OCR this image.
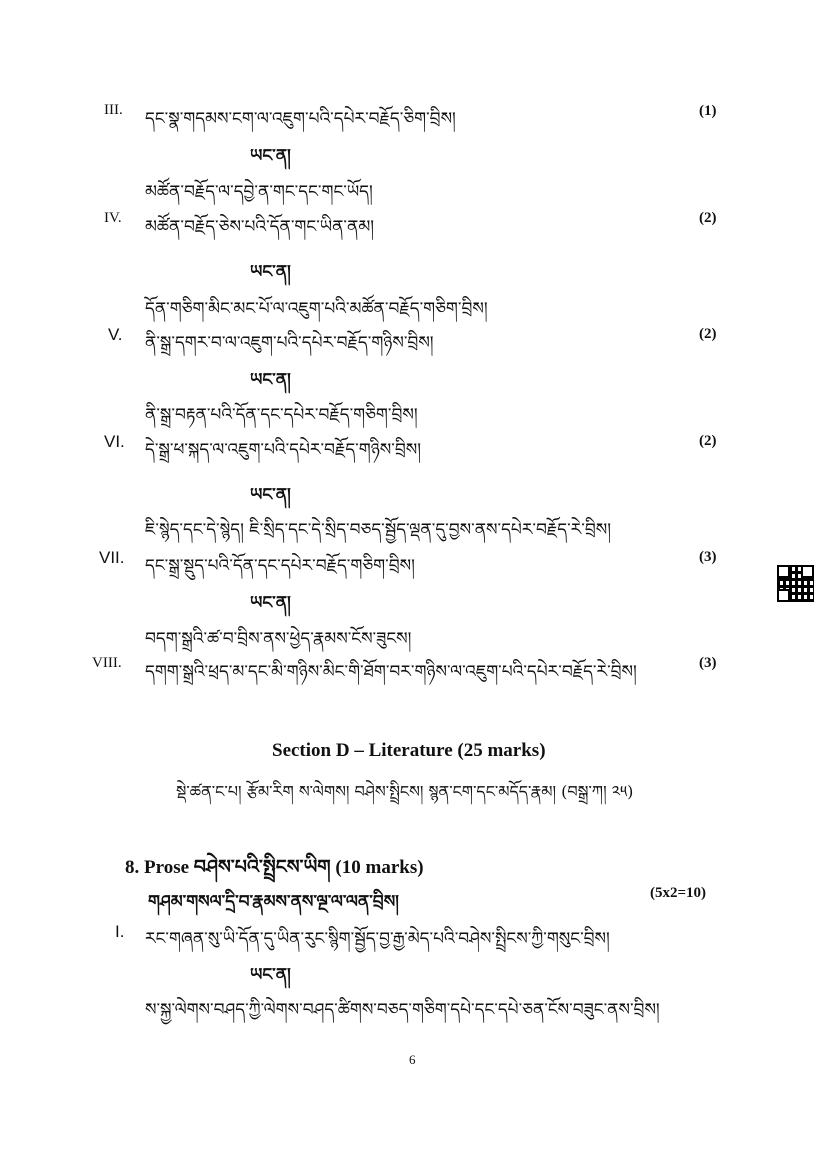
III. དང་སྣ་གདམས་ངག་ལ་འཇུག་པའི་དཔེར་བརྗོད་ཅིག་བྲིས།	(1)
ཡང་ན།
མཚོན་བརྗོད་ལ་དབྱེ་ན་གང་དང་གང་ཡོད།
IV. མཚོན་བརྗོད་ཅེས་པའི་དོན་གང་ཡིན་ནམ།	(2)
ཡང་ན།
དོན་གཅིག་མིང་མང་པོ་ལ་འཇུག་པའི་མཚོན་བརྗོད་གཅིག་བྲིས།
V. ནི་སྒྲ་དགར་བ་ལ་འཇུག་པའི་དཔེར་བརྗོད་གཉིས་བྲིས།	(2)
ཡང་ན།
ནི་སྒྲ་བརྟན་པའི་དོན་དང་དཔེར་བརྗོད་གཅིག་བྲིས།
VI. དེ་སྒྲ་ཕ་སྐད་ལ་འཇུག་པའི་དཔེར་བརྗོད་གཉིས་བྲིས།	(2)
ཡང་ན།
ཇི་སྙེད་དང་དེ་སྙེད། ཇི་སྲིད་དང་དེ་སྲིད་བཅད་སྦྱོད་ལྡན་དུ་བྱས་ནས་དཔེར་བརྗོད་རེ་བྲིས།
VII. དང་སྒྲ་སྡུད་པའི་དོན་དང་དཔེར་བརྗོད་གཅིག་བྲིས།	(3)
ཡང་ན།
བདག་སྒྲའི་ཚ་བ་བྲིས་ནས་ཕྱེད་རྣམས་ངོས་ཟུངས།
VIII. དགག་སྒྲའི་ཕྲད་མ་དང་མི་གཉིས་མིང་གི་ཐོག་བར་གཉིས་ལ་འཇུག་པའི་དཔེར་བརྗོད་རེ་བྲིས།	(3)
Section D – Literature (25 marks)
སྡེ་ཚན་ང་པ། རྩོམ་རིག ས་ལེགས། བཤེས་སྤྲིངས། སྙན་ངག་དང་མདོད་རྣམ། (བསྒྲ་ཀ། ༢༥)
8. Prose བཤེས་པའི་སྤྲིངས་ཡིག (10 marks)
གཤམ་གསལ་དྲི་བ་རྣམས་ནས་ལྔ་ལ་ལན་བྲིས།	(5x2=10)
I. རང་གཞན་སུ་ཡི་དོན་དུ་ཡིན་རུང་སྙིག་སྦྱོད་བྱ་རྒྱ་མེད་པའི་བཤེས་སྤྲིངས་ཀྱི་གསུང་བྲིས།
ཡང་ན།
ས་སྐྱ་ལེགས་བཤད་ཀྱི་ལེགས་བཤད་ཚིགས་བཅད་གཅིག་དཔེ་དང་དཔེ་ཅན་ངོས་བཟུང་ནས་བྲིས།
6
